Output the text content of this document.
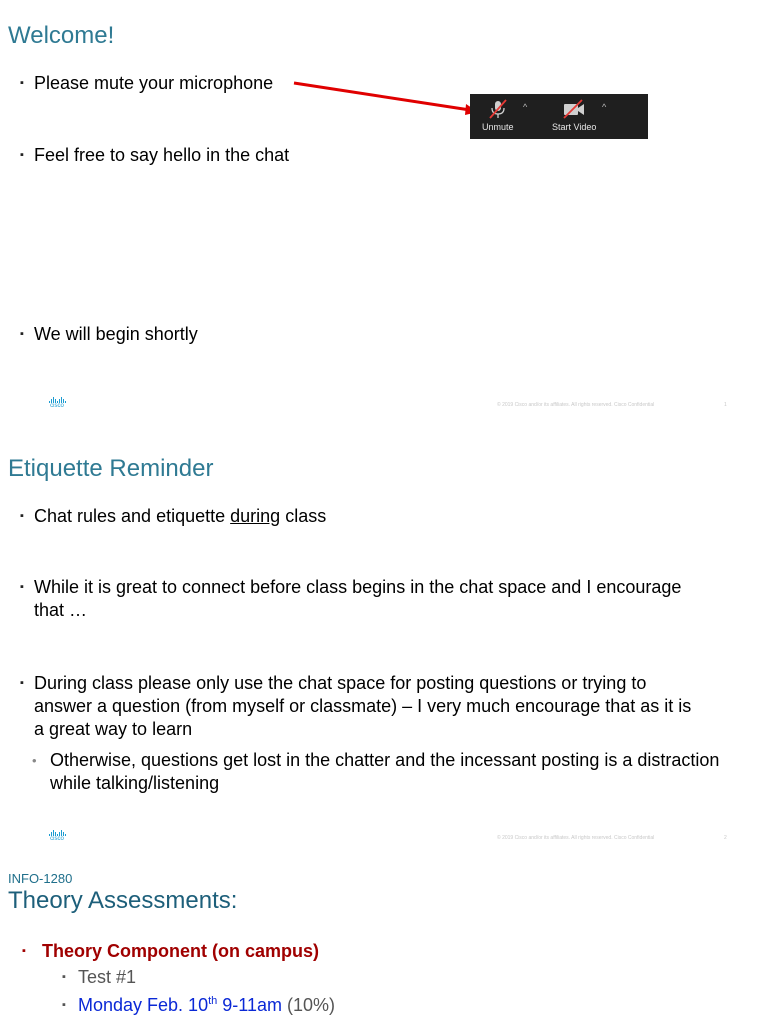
Welcome!
▪ Please mute your microphone
▪ Feel free to say hello in the chat
▪ We will begin shortly
Unmute
^
Start Video
^
cisco	© 2019 Cisco and/or its affiliates. All rights reserved. Cisco Confidential	1
Etiquette Reminder
▪ Chat rules and etiquette during class
▪ While it is great to connect before class begins in the chat space and I encourage
that …
▪ During class please only use the chat space for posting questions or trying to
answer a question (from myself or classmate) – I very much encourage that as it is
a great way to learn
• Otherwise, questions get lost in the chatter and the incessant posting is a distraction
while talking/listening
cisco	© 2019 Cisco and/or its affiliates. All rights reserved. Cisco Confidential	2
INFO-1280
Theory Assessments:
▪ Theory Component (on campus)
▪ Test #1
▪ Monday Feb. 10th 9-11am (10%)
